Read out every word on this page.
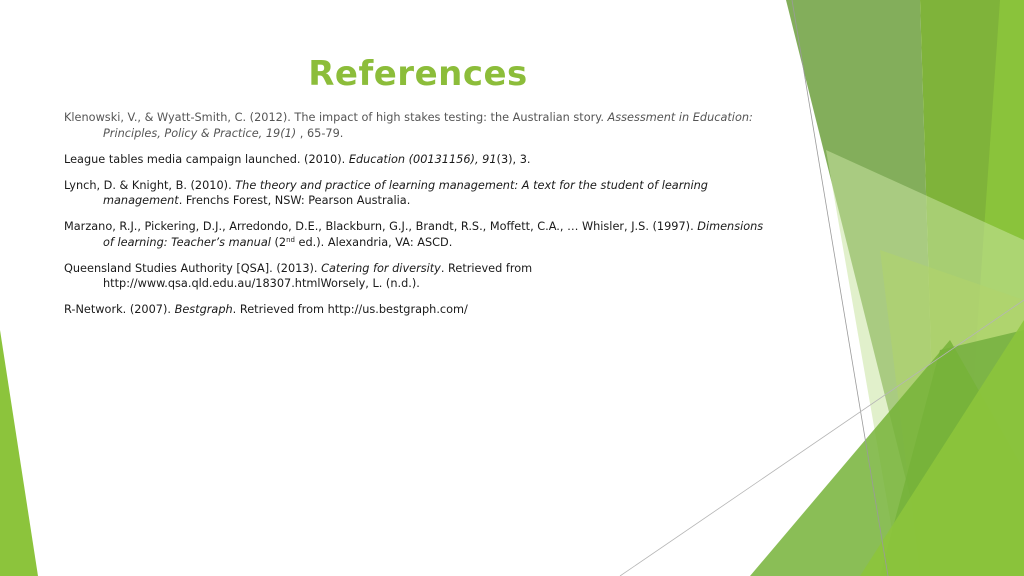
References

Klenowski, V., & Wyatt-Smith, C. (2012). The impact of high stakes testing: the Australian story. Assessment in Education: Principles, Policy & Practice, 19(1) , 65-79.

League tables media campaign launched. (2010). Education (00131156), 91(3), 3.

Lynch, D. & Knight, B. (2010). The theory and practice of learning management: A text for the student of learning management. Frenchs Forest, NSW: Pearson Australia.

Marzano, R.J., Pickering, D.J., Arredondo, D.E., Blackburn, G.J., Brandt, R.S., Moffett, C.A., … Whisler, J.S. (1997). Dimensions of learning: Teacher’s manual (2nd ed.). Alexandria, VA: ASCD.

Queensland Studies Authority [QSA]. (2013). Catering for diversity. Retrieved from http://www.qsa.qld.edu.au/18307.htmlWorsely, L. (n.d.).

R-Network. (2007). Bestgraph. Retrieved from http://us.bestgraph.com/
